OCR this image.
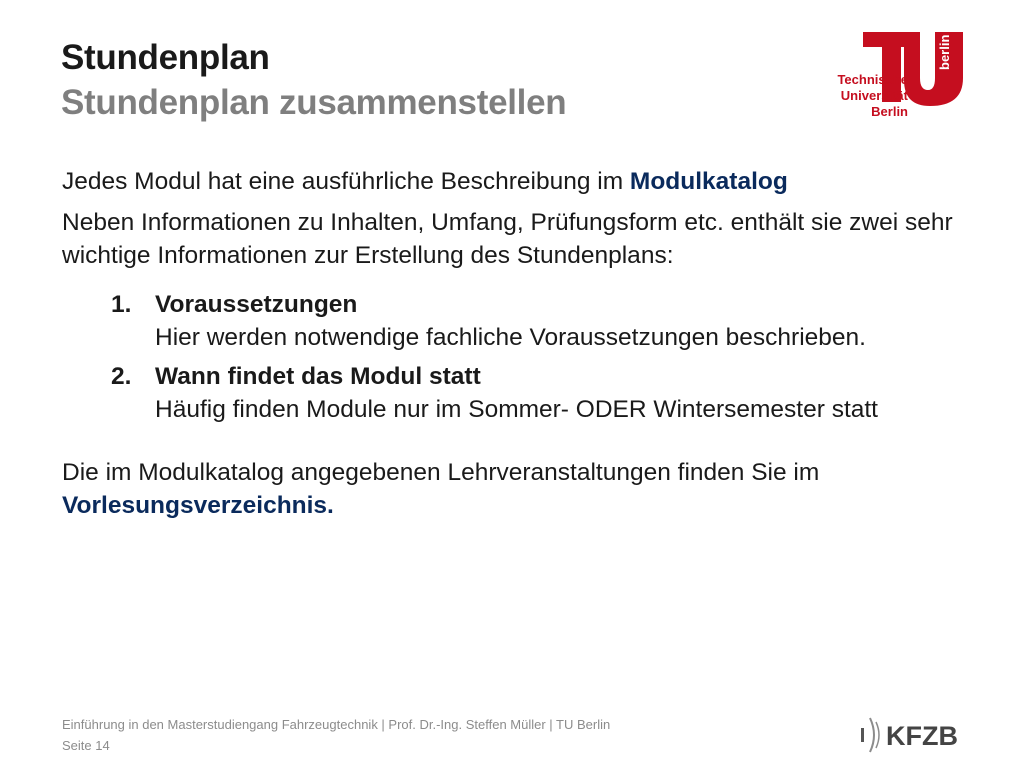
Stundenplan
Stundenplan zusammenstellen
Technische
Universität
Berlin
berlin

Jedes Modul hat eine ausführliche Beschreibung im Modulkatalog

Neben Informationen zu Inhalten, Umfang, Prüfungsform etc. enthält sie zwei sehr wichtige Informationen zur Erstellung des Stundenplans:

1. Voraussetzungen
Hier werden notwendige fachliche Voraussetzungen beschrieben.
2. Wann findet das Modul statt
Häufig finden Module nur im Sommer- ODER Wintersemester statt

Die im Modulkatalog angegebenen Lehrveranstaltungen finden Sie im
Vorlesungsverzeichnis.

Einführung in den Masterstudiengang Fahrzeugtechnik | Prof. Dr.-Ing. Steffen Müller | TU Berlin
Seite 14	KFZB
